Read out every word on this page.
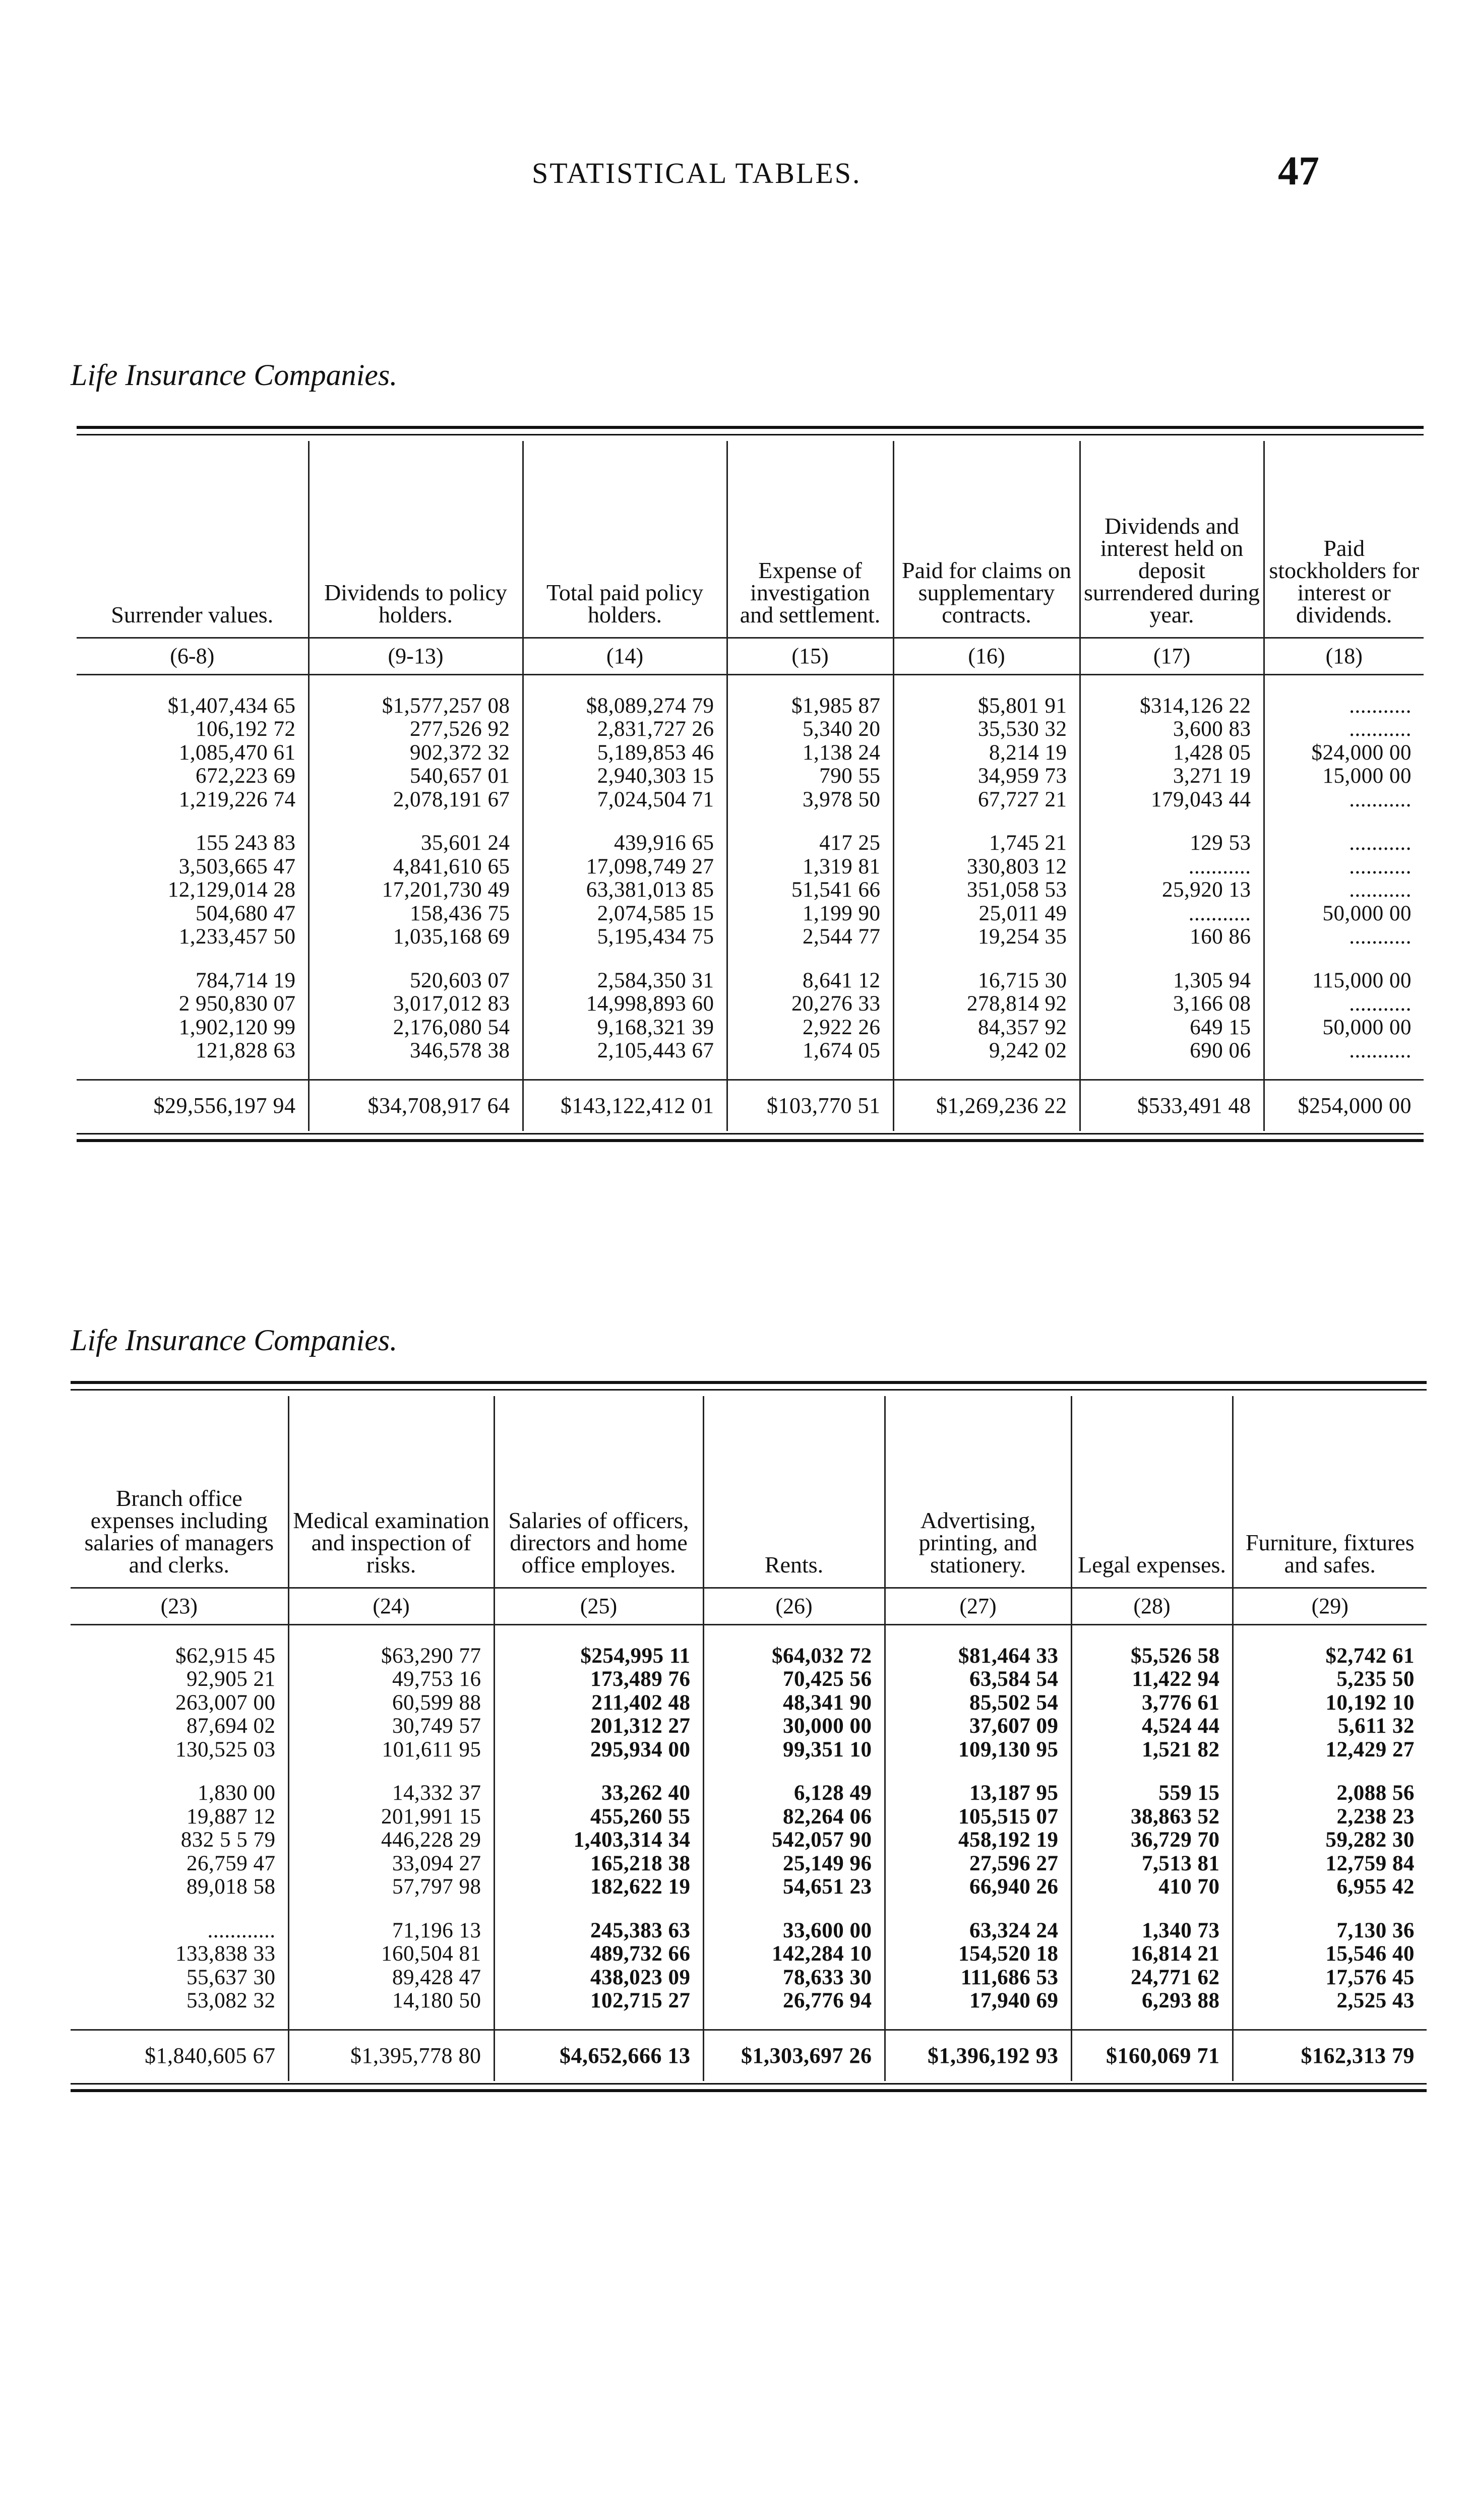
STATISTICAL TABLES.	47
Life Insurance Companies.
Surrender values.	Dividends to policy holders.	Total paid policy holders.	Expense of investigation and settlement.	Paid for claims on supplementary contracts.	Dividends and interest held on deposit surrendered during year.	Paid stockholders for interest or dividends.
(6-8)	(9-13)	(14)	(15)	(16)	(17)	(18)
$1,407,434 65	$1,577,257 08	$8,089,274 79	$1,985 87	$5,801 91	$314,126 22	...........
106,192 72	277,526 92	2,831,727 26	5,340 20	35,530 32	3,600 83	...........
1,085,470 61	902,372 32	5,189,853 46	1,138 24	8,214 19	1,428 05	$24,000 00
672,223 69	540,657 01	2,940,303 15	790 55	34,959 73	3,271 19	15,000 00
1,219,226 74	2,078,191 67	7,024,504 71	3,978 50	67,727 21	179,043 44	...........
155 243 83	35,601 24	439,916 65	417 25	1,745 21	129 53	...........
3,503,665 47	4,841,610 65	17,098,749 27	1,319 81	330,803 12	...........	...........
12,129,014 28	17,201,730 49	63,381,013 85	51,541 66	351,058 53	25,920 13	...........
504,680 47	158,436 75	2,074,585 15	1,199 90	25,011 49	...........	50,000 00
1,233,457 50	1,035,168 69	5,195,434 75	2,544 77	19,254 35	160 86	...........
784,714 19	520,603 07	2,584,350 31	8,641 12	16,715 30	1,305 94	115,000 00
2 950,830 07	3,017,012 83	14,998,893 60	20,276 33	278,814 92	3,166 08	...........
1,902,120 99	2,176,080 54	9,168,321 39	2,922 26	84,357 92	649 15	50,000 00
121,828 63	346,578 38	2,105,443 67	1,674 05	9,242 02	690 06	...........
$29,556,197 94	$34,708,917 64	$143,122,412 01	$103,770 51	$1,269,236 22	$533,491 48	$254,000 00
Life Insurance Companies.
Branch office expenses including salaries of managers and clerks.	Medical examination and inspection of risks.	Salaries of officers, directors and home office employes.	Rents.	Advertising, printing, and stationery.	Legal expenses.	Furniture, fixtures and safes.
(23)	(24)	(25)	(26)	(27)	(28)	(29)
$62,915 45	$63,290 77	$254,995 11	$64,032 72	$81,464 33	$5,526 58	$2,742 61
92,905 21	49,753 16	173,489 76	70,425 56	63,584 54	11,422 94	5,235 50
263,007 00	60,599 88	211,402 48	48,341 90	85,502 54	3,776 61	10,192 10
87,694 02	30,749 57	201,312 27	30,000 00	37,607 09	4,524 44	5,611 32
130,525 03	101,611 95	295,934 00	99,351 10	109,130 95	1,521 82	12,429 27
1,830 00	14,332 37	33,262 40	6,128 49	13,187 95	559 15	2,088 56
19,887 12	201,991 15	455,260 55	82,264 06	105,515 07	38,863 52	2,238 23
832 5 5 79	446,228 29	1,403,314 34	542,057 90	458,192 19	36,729 70	59,282 30
26,759 47	33,094 27	165,218 38	25,149 96	27,596 27	7,513 81	12,759 84
89,018 58	57,797 98	182,622 19	54,651 23	66,940 26	410 70	6,955 42
............	71,196 13	245,383 63	33,600 00	63,324 24	1,340 73	7,130 36
133,838 33	160,504 81	489,732 66	142,284 10	154,520 18	16,814 21	15,546 40
55,637 30	89,428 47	438,023 09	78,633 30	111,686 53	24,771 62	17,576 45
53,082 32	14,180 50	102,715 27	26,776 94	17,940 69	6,293 88	2,525 43
$1,840,605 67	$1,395,778 80	$4,652,666 13	$1,303,697 26	$1,396,192 93	$160,069 71	$162,313 79
